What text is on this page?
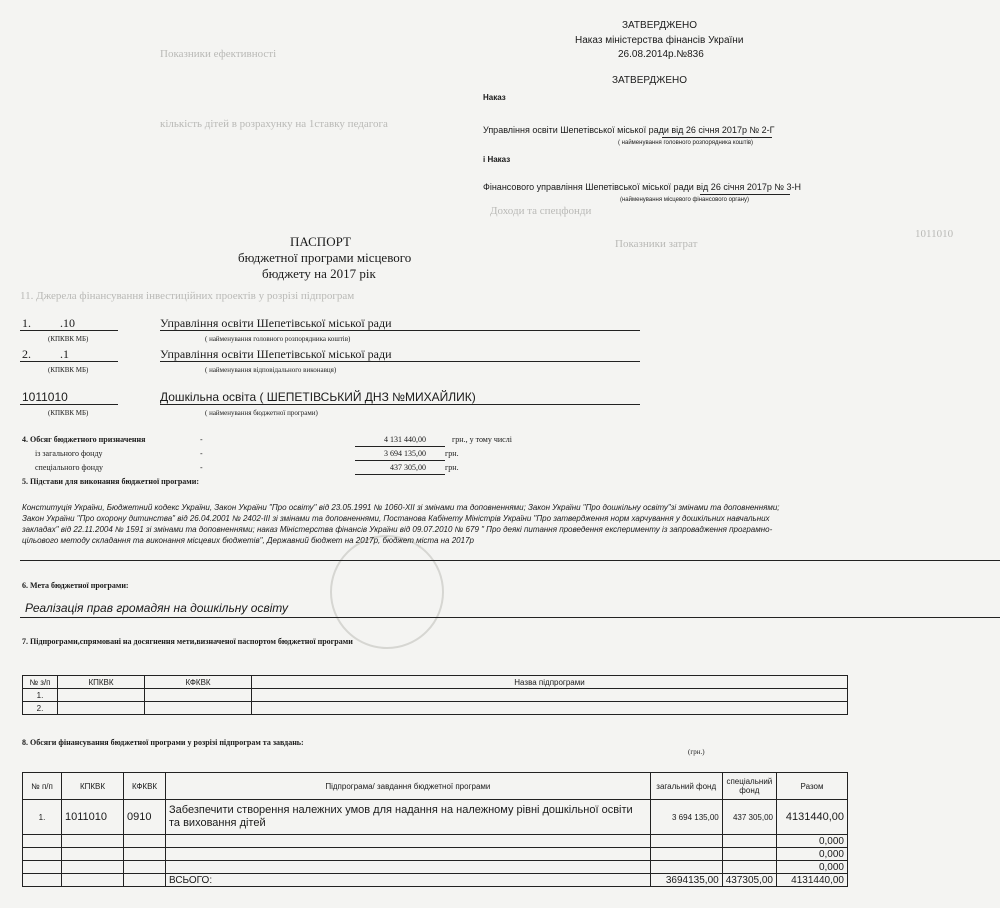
Показники ефективності
кількість дітей в розрахунку на 1ставку педагога
Доходи та спецфонди
Показники затрат
11. Джерела фінансування інвестиційних проектів у розрізі підпрограм
1011010
ЗАТВЕРДЖЕНО
Наказ міністерства фінансів України
26.08.2014р.№836
ЗАТВЕРДЖЕНО
Наказ
Управління освіти Шепетівської міської ради від 26 січня 2017р № 2-Г
( найменування головного розпорядника коштів)
і Наказ
Фінансового управління Шепетівської міської ради від 26 січня 2017р № 3-Н
(найменування місцевого фінансового органу)
ПАСПОРТ
бюджетної програми місцевого
бюджету на 2017 рік
1. .10
(КПКВК МБ)
Управління освіти Шепетівської міської ради
( найменування головного розпорядника коштів)
2. .1
(КПКВК МБ)
Управління освіти Шепетівської міської ради
( найменування відповідального виконавця)
1011010
(КПКВК МБ)
Дошкільна освіта ( ШЕПЕТІВСЬКИЙ ДНЗ №МИХАЙЛИК)
( найменування бюджетної програми)
4. Обсяг бюджетного призначення	-	4 131 440,00	грн., у тому числі
із загального фонду	-	3 694 135,00 грн.
спеціального фонду	-	437 305,00 грн.
5. Підстави для виконання бюджетної програми:
Конституція України, Бюджетний кодекс України, Закон України "Про освіту" від 23.05.1991 № 1060-XII зі змінами та доповненнями; Закон України "Про дошкільну освіту"зі змінами та доповненнями;
Закон України "Про охорону дитинства" від 26.04.2001 № 2402-III зі змінами та доповненнями, Постанова Кабінету Міністрів України "Про затвердження норм харчування у дошкільних навчальних
закладах" від 22.11.2004 № 1591 зі змінами та доповненнями; наказ Міністерства фінансів України від 09.07.2010 № 679 " Про деякі питання проведення експерименту із запровадження програмно-
цільового методу складання та виконання місцевих бюджетів", Державний бюджет на 2017р, бюджет міста на 2017р
6. Мета бюджетної програми:
Реалізація прав громадян на дошкільну освіту
7. Підпрограми,спрямовані на досягнення мети,визначеної паспортом бюджетної програми
№ з/п	КПКВК	КФКВК	Назва підпрограми
1.			
2.			
8. Обсяги фінансування бюджетної програми у розрізі підпрограм та завдань:
(грн.)
№ п/п	КПКВК	КФКВК	Підпрограма/ завдання бюджетної програми	загальний фонд	спеціальний фонд	Разом
1.	1011010	0910	Забезпечити створення належних умов для надання на належному рівні дошкільної освіти та виховання дітей	3 694 135,00	437 305,00	4131440,00
						0,000
						0,000
						0,000
			ВСЬОГО:	3694135,00	437305,00	4131440,00
